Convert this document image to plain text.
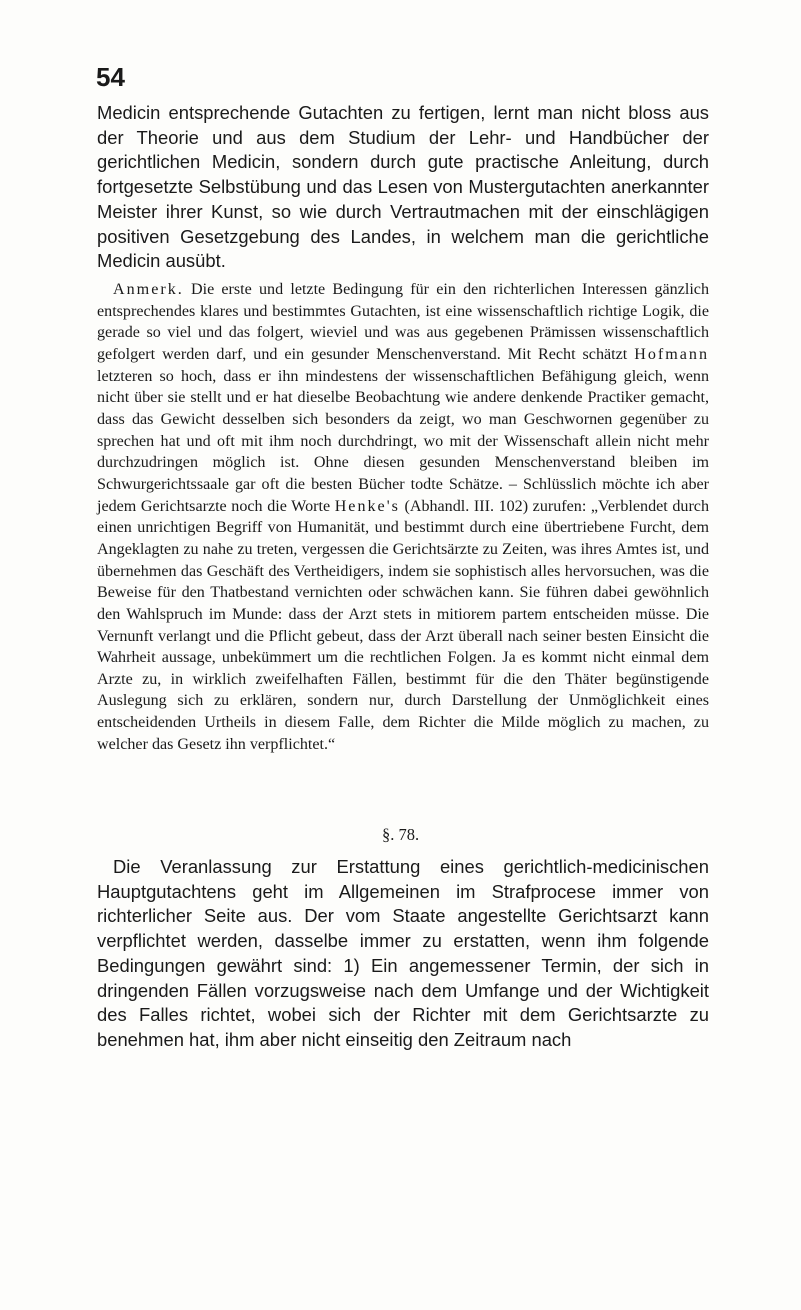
54

Medicin entsprechende Gutachten zu fertigen, lernt man nicht bloss aus der Theorie und aus dem Studium der Lehr- und Handbücher der gerichtlichen Medicin, sondern durch gute practische Anleitung, durch fortgesetzte Selbstübung und das Lesen von Mustergutachten anerkannter Meister ihrer Kunst, so wie durch Vertrautmachen mit der einschlägigen positiven Gesetzgebung des Landes, in welchem man die gerichtliche Medicin ausübt.

Anmerk. Die erste und letzte Bedingung für ein den richterlichen Interessen gänzlich entsprechendes klares und bestimmtes Gutachten, ist eine wissenschaftlich richtige Logik, die gerade so viel und das folgert, wieviel und was aus gegebenen Prämissen wissenschaftlich gefolgert werden darf, und ein gesunder Menschenverstand. Mit Recht schätzt Hofmann letzteren so hoch, dass er ihn mindestens der wissenschaftlichen Befähigung gleich, wenn nicht über sie stellt und er hat dieselbe Beobachtung wie andere denkende Practiker gemacht, dass das Gewicht desselben sich besonders da zeigt, wo man Geschwornen gegenüber zu sprechen hat und oft mit ihm noch durchdringt, wo mit der Wissenschaft allein nicht mehr durchzudringen möglich ist. Ohne diesen gesunden Menschenverstand bleiben im Schwurgerichtssaale gar oft die besten Bücher todte Schätze. – Schlüsslich möchte ich aber jedem Gerichtsarzte noch die Worte Henke's (Abhandl. III. 102) zurufen: „Verblendet durch einen unrichtigen Begriff von Humanität, und bestimmt durch eine übertriebene Furcht, dem Angeklagten zu nahe zu treten, vergessen die Gerichtsärzte zu Zeiten, was ihres Amtes ist, und übernehmen das Geschäft des Vertheidigers, indem sie sophistisch alles hervorsuchen, was die Beweise für den Thatbestand vernichten oder schwächen kann. Sie führen dabei gewöhnlich den Wahlspruch im Munde: dass der Arzt stets in mitiorem partem entscheiden müsse. Die Vernunft verlangt und die Pflicht gebeut, dass der Arzt überall nach seiner besten Einsicht die Wahrheit aussage, unbekümmert um die rechtlichen Folgen. Ja es kommt nicht einmal dem Arzte zu, in wirklich zweifelhaften Fällen, bestimmt für die den Thäter begünstigende Auslegung sich zu erklären, sondern nur, durch Darstellung der Unmöglichkeit eines entscheidenden Urtheils in diesem Falle, dem Richter die Milde möglich zu machen, zu welcher das Gesetz ihn verpflichtet.“

§. 78.

Die Veranlassung zur Erstattung eines gerichtlich-medicinischen Hauptgutachtens geht im Allgemeinen im Strafprocese immer von richterlicher Seite aus. Der vom Staate angestellte Gerichtsarzt kann verpflichtet werden, dasselbe immer zu erstatten, wenn ihm folgende Bedingungen gewährt sind: 1) Ein angemessener Termin, der sich in dringenden Fällen vorzugsweise nach dem Umfange und der Wichtigkeit des Falles richtet, wobei sich der Richter mit dem Gerichtsarzte zu benehmen hat, ihm aber nicht einseitig den Zeitraum nach
